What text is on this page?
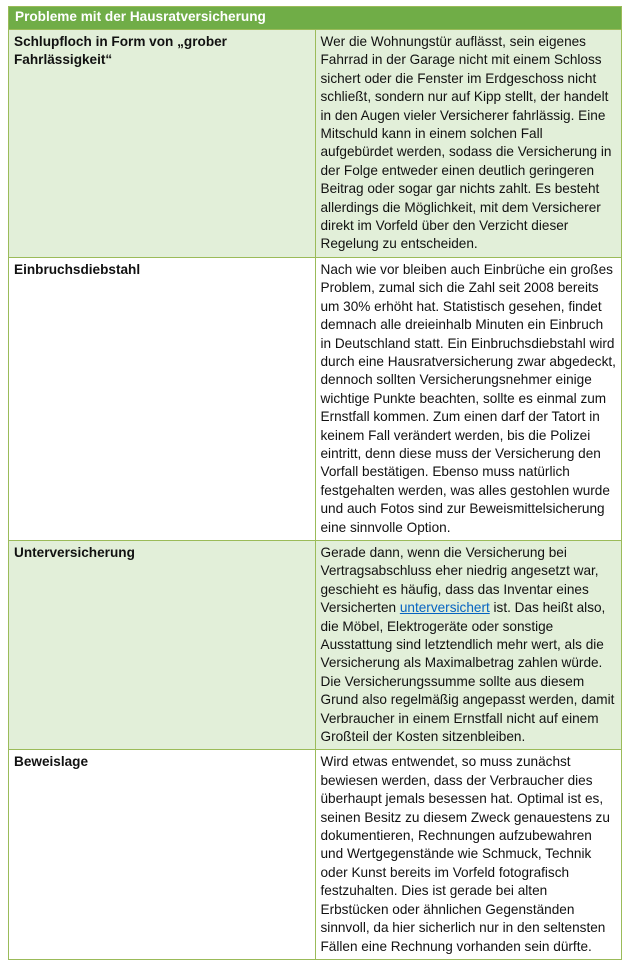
Probleme mit der Hausratversicherung	
Schlupfloch in Form von „grober Fahrlässigkeit“	Wer die Wohnungstür auflässt, sein eigenes Fahrrad in der Garage nicht mit einem Schloss sichert oder die Fenster im Erdgeschoss nicht schließt, sondern nur auf Kipp stellt, der handelt in den Augen vieler Versicherer fahrlässig. Eine Mitschuld kann in einem solchen Fall aufgebürdet werden, sodass die Versicherung in der Folge entweder einen deutlich geringeren Beitrag oder sogar gar nichts zahlt. Es besteht allerdings die Möglichkeit, mit dem Versicherer direkt im Vorfeld über den Verzicht dieser Regelung zu entscheiden.
Einbruchsdiebstahl	Nach wie vor bleiben auch Einbrüche ein großes Problem, zumal sich die Zahl seit 2008 bereits um 30% erhöht hat. Statistisch gesehen, findet demnach alle dreieinhalb Minuten ein Einbruch in Deutschland statt. Ein Einbruchsdiebstahl wird durch eine Hausratversicherung zwar abgedeckt, dennoch sollten Versicherungsnehmer einige wichtige Punkte beachten, sollte es einmal zum Ernstfall kommen. Zum einen darf der Tatort in keinem Fall verändert werden, bis die Polizei eintritt, denn diese muss der Versicherung den Vorfall bestätigen. Ebenso muss natürlich festgehalten werden, was alles gestohlen wurde und auch Fotos sind zur Beweismittelsicherung eine sinnvolle Option.
Unterversicherung	Gerade dann, wenn die Versicherung bei Vertragsabschluss eher niedrig angesetzt war, geschieht es häufig, dass das Inventar eines Versicherten unterversichert ist. Das heißt also, die Möbel, Elektrogeräte oder sonstige Ausstattung sind letztendlich mehr wert, als die Versicherung als Maximalbetrag zahlen würde. Die Versicherungssumme sollte aus diesem Grund also regelmäßig angepasst werden, damit Verbraucher in einem Ernstfall nicht auf einem Großteil der Kosten sitzenbleiben.
Beweislage	Wird etwas entwendet, so muss zunächst bewiesen werden, dass der Verbraucher dies überhaupt jemals besessen hat. Optimal ist es, seinen Besitz zu diesem Zweck genauestens zu dokumentieren, Rechnungen aufzubewahren und Wertgegenstände wie Schmuck, Technik oder Kunst bereits im Vorfeld fotografisch festzuhalten. Dies ist gerade bei alten Erbstücken oder ähnlichen Gegenständen sinnvoll, da hier sicherlich nur in den seltensten Fällen eine Rechnung vorhanden sein dürfte.
